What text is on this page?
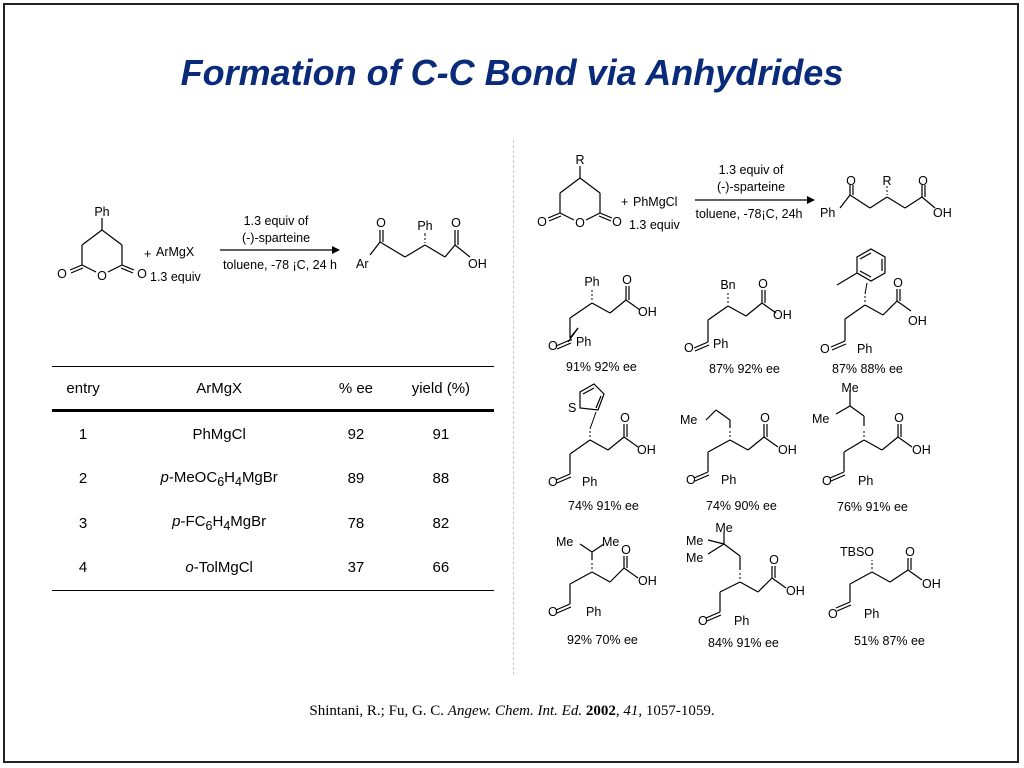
Formation of C-C Bond via Anhydrides
Ph
O
O	O
+ ArMgX
1.3 equiv
1.3 equiv of
(-)-sparteine
toluene, -78 ¡C, 24 h Ar
Ph
O	O
OH
R
O
O	O
+ PhMgCl
1.3 equiv
1.3 equiv of
(-)-sparteine
toluene, -78¡C, 24h Ph
R
O	O
OH
Ph O
OH
O Ph
91% 92% ee
Bn O
OH
O Ph
87% 92% ee
O
OH
O Ph
87% 88% ee
S
O
OH
O Ph
74% 91% ee
Me	O
OH
O Ph
74% 90% ee
Me
Me	O
OH
O Ph
76% 91% ee
Me Me
O
OH
O Ph
92% 70% ee
Me
Me
Me	O
OH
O Ph
84% 91% ee
TBSO O
OH
O Ph
51% 87% ee
entry	ArMgX	% ee	yield (%)
1	PhMgCl	92	91
2	$p-MeOC_6H_4MgBr$	89	88
3	$p-FC_6H_4MgBr$	78	82
4	o-TolMgCl	37	66
Shintani, R.; Fu, G. C. Angew. Chem. Int. Ed. 2002, 41, 1057-1059.
